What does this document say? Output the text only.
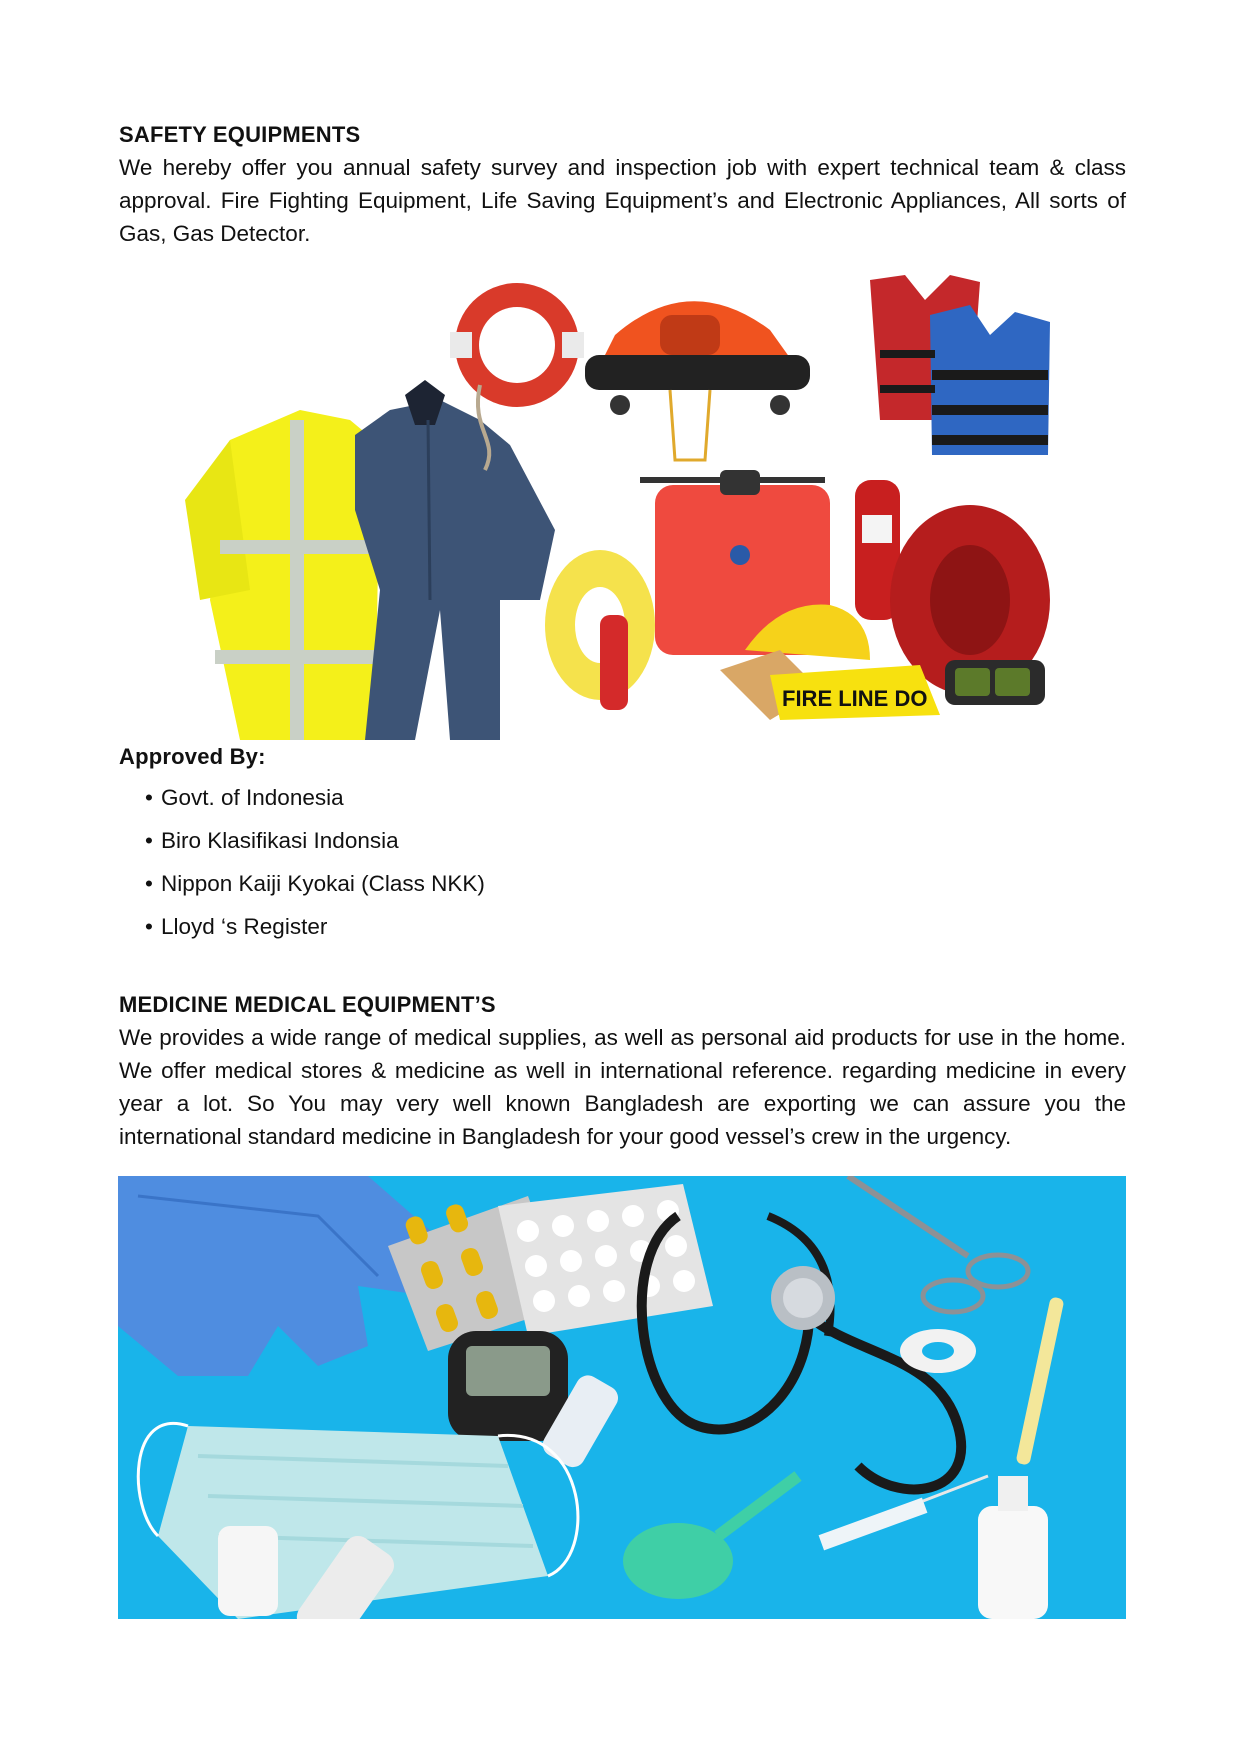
SAFETY EQUIPMENTS
We hereby offer you annual safety survey and inspection job with expert technical team & class approval. Fire Fighting Equipment, Life Saving Equipment’s and Electronic Appliances, All sorts of Gas, Gas Detector.
FIRE LINE DO
Approved By:
• Govt. of Indonesia
• Biro Klasifikasi Indonsia
• Nippon Kaiji Kyokai (Class NKK)
• Lloyd ‘s Register
MEDICINE MEDICAL EQUIPMENT’S
We provides a wide range of medical supplies, as well as personal aid products for use in the home. We offer medical stores & medicine as well in international reference. regarding medicine in every year a lot. So You may very well known Bangladesh are exporting we can assure you the international standard medicine in Bangladesh for your good vessel’s crew in the urgency.
